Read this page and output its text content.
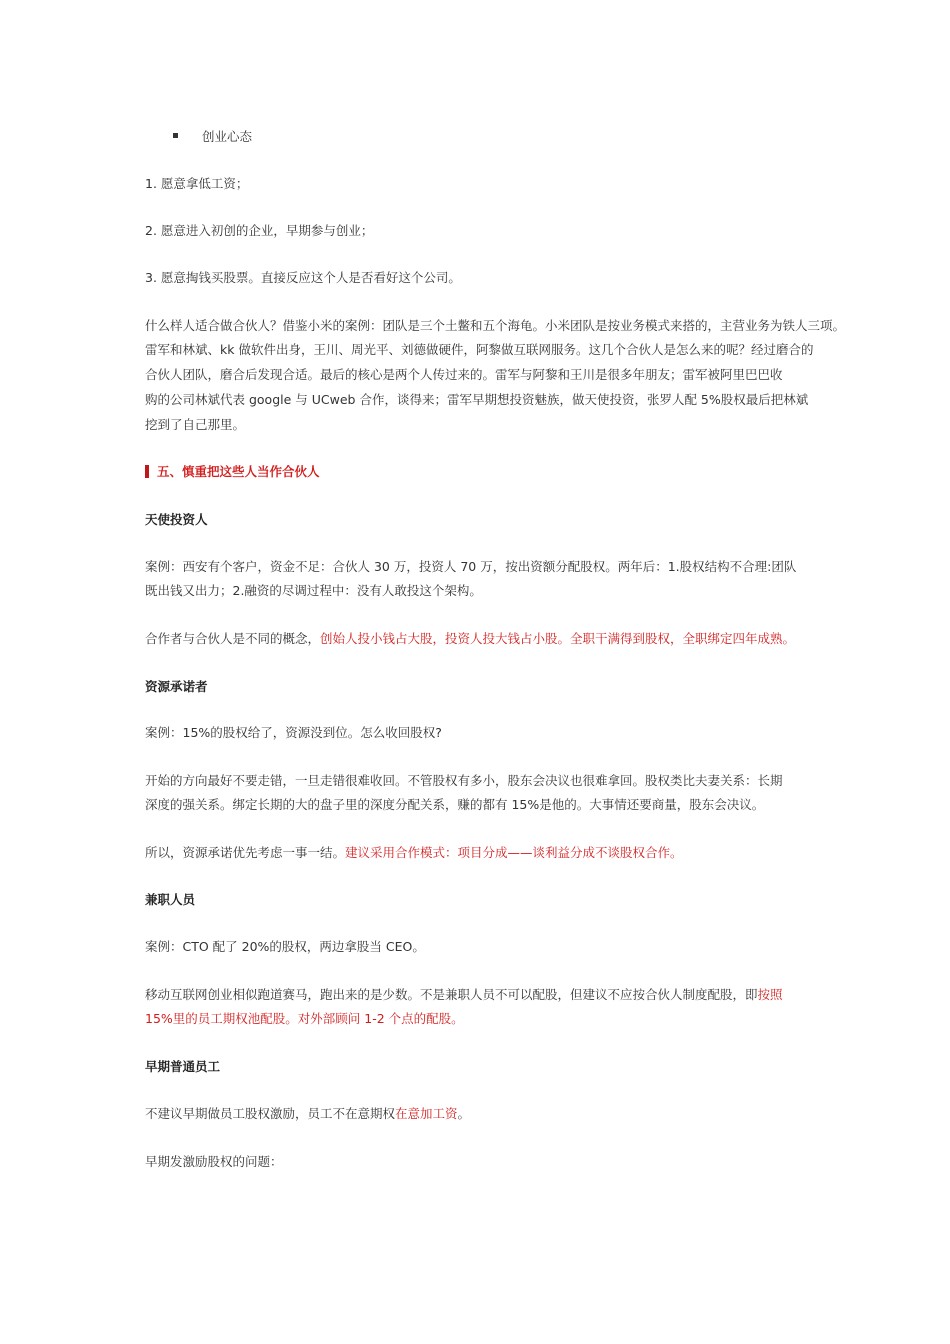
创业心态
1. 愿意拿低工资；
2. 愿意进入初创的企业，早期参与创业；
3. 愿意掏钱买股票。直接反应这个人是否看好这个公司。
什么样人适合做合伙人？借鉴小米的案例：团队是三个土鳖和五个海龟。小米团队是按业务模式来搭的，主营业务为铁人三项。
雷军和林斌、kk 做软件出身，王川、周光平、刘德做硬件，阿黎做互联网服务。这几个合伙人是怎么来的呢？经过磨合的
合伙人团队，磨合后发现合适。最后的核心是两个人传过来的。雷军与阿黎和王川是很多年朋友；雷军被阿里巴巴收
购的公司林斌代表 google 与 UCweb 合作，谈得来；雷军早期想投资魅族，做天使投资，张罗人配 5%股权最后把林斌
挖到了自己那里。
五、慎重把这些人当作合伙人
天使投资人
案例：西安有个客户，资金不足：合伙人 30 万，投资人 70 万，按出资额分配股权。两年后：1.股权结构不合理:团队
既出钱又出力；2.融资的尽调过程中：没有人敢投这个架构。
合作者与合伙人是不同的概念，创始人投小钱占大股，投资人投大钱占小股。全职干满得到股权，全职绑定四年成熟。
资源承诺者
案例：15%的股权给了，资源没到位。怎么收回股权?
开始的方向最好不要走错，一旦走错很难收回。不管股权有多小，股东会决议也很难拿回。股权类比夫妻关系：长期
深度的强关系。绑定长期的大的盘子里的深度分配关系，赚的都有 15%是他的。大事情还要商量，股东会决议。
所以，资源承诺优先考虑一事一结。建议采用合作模式：项目分成——谈利益分成不谈股权合作。
兼职人员
案例：CTO 配了 20%的股权，两边拿股当 CEO。
移动互联网创业相似跑道赛马，跑出来的是少数。不是兼职人员不可以配股，但建议不应按合伙人制度配股，即按照
15%里的员工期权池配股。对外部顾问 1-2 个点的配股。
早期普通员工
不建议早期做员工股权激励，员工不在意期权在意加工资。
早期发激励股权的问题：
